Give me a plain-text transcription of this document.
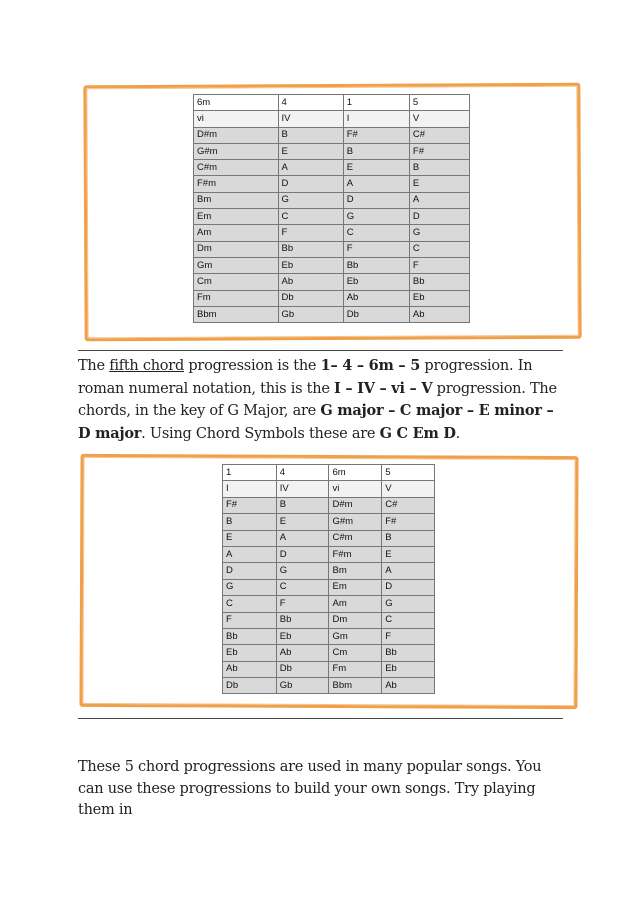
6m	4	1	5
vi	IV	I	V
D#m	B	F#	C#
G#m	E	B	F#
C#m	A	E	B
F#m	D	A	E
Bm	G	D	A
Em	C	G	D
Am	F	C	G
Dm	Bb	F	C
Gm	Eb	Bb	F
Cm	Ab	Eb	Bb
Fm	Db	Ab	Eb
Bbm	Gb	Db	Ab

The fifth chord progression is the 1– 4 – 6m – 5 progression. In roman numeral notation, this is the I – IV – vi – V progression. The chords, in the key of G Major, are G major – C major – E minor – D major. Using Chord Symbols these are G C Em D.

1	4	6m	5
I	IV	vi	V
F#	B	D#m	C#
B	E	G#m	F#
E	A	C#m	B
A	D	F#m	E
D	G	Bm	A
G	C	Em	D
C	F	Am	G
F	Bb	Dm	C
Bb	Eb	Gm	F
Eb	Ab	Cm	Bb
Ab	Db	Fm	Eb
Db	Gb	Bbm	Ab

These 5 chord progressions are used in many popular songs. You can use these progressions to build your own songs. Try playing them in
